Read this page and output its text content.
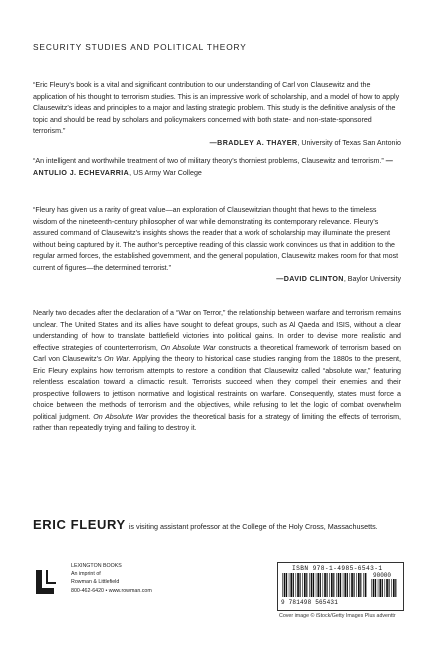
SECURITY STUDIES AND POLITICAL THEORY

“Eric Fleury’s book is a vital and significant contribution to our understanding of Carl von Clausewitz and the application of his thought to terrorism studies. This is an impressive work of scholarship, and a model of how to apply Clausewitz’s ideas and principles to a major and lasting strategic problem. This study is the definitive analysis of the topic and should be read by scholars and policymakers concerned with both state- and non-state-sponsored terrorism.”

—BRADLEY A. THAYER, University of Texas San Antonio

“An intelligent and worthwhile treatment of two of military theory’s thorniest problems, Clausewitz and terrorism.” —ANTULIO J. ECHEVARRIA, US Army War College

“Fleury has given us a rarity of great value—an exploration of Clausewitzian thought that hews to the timeless wisdom of the nineteenth-century philosopher of war while demonstrating its contemporary relevance. Fleury’s assured command of Clausewitz’s insights shows the reader that a work of scholarship may illuminate the present without being captured by it. The author’s perceptive reading of this classic work convinces us that in addition to the regular armed forces, the established government, and the general population, Clausewitz makes room for that most current of figures—the determined terrorist.”

—DAVID CLINTON, Baylor University

Nearly two decades after the declaration of a “War on Terror,” the relationship between warfare and terrorism remains unclear. The United States and its allies have sought to defeat groups, such as Al Qaeda and ISIS, without a clear understanding of how to translate battlefield victories into political gains. In order to devise more realistic and effective strategies of counterterrorism, On Absolute War constructs a theoretical framework of terrorism based on Carl von Clausewitz’s On War. Applying the theory to historical case studies ranging from the 1880s to the present, Eric Fleury explains how terrorism attempts to restore a condition that Clausewitz called “absolute war,” featuring relentless escalation toward a climactic result. Terrorists succeed when they compel their enemies and their prospective followers to jettison normative and logistical restraints on warfare. Consequently, states must force a choice between the methods of terrorism and the objectives, while refusing to let the logic of combat overwhelm political judgment. On Absolute War provides the theoretical basis for a strategy of limiting the effects of terrorism, rather than repeatedly trying and failing to destroy it.

ERIC FLEURY is visiting assistant professor at the College of the Holy Cross, Massachusetts.
LEXINGTON BOOKS
An imprint of
Rowman & Littlefield
800-462-6420 • www.rowman.com
ISBN 978-1-4985-6543-1
90000
9 781498 565431
Cover image © iStock/Getty Images Plus adventtr
